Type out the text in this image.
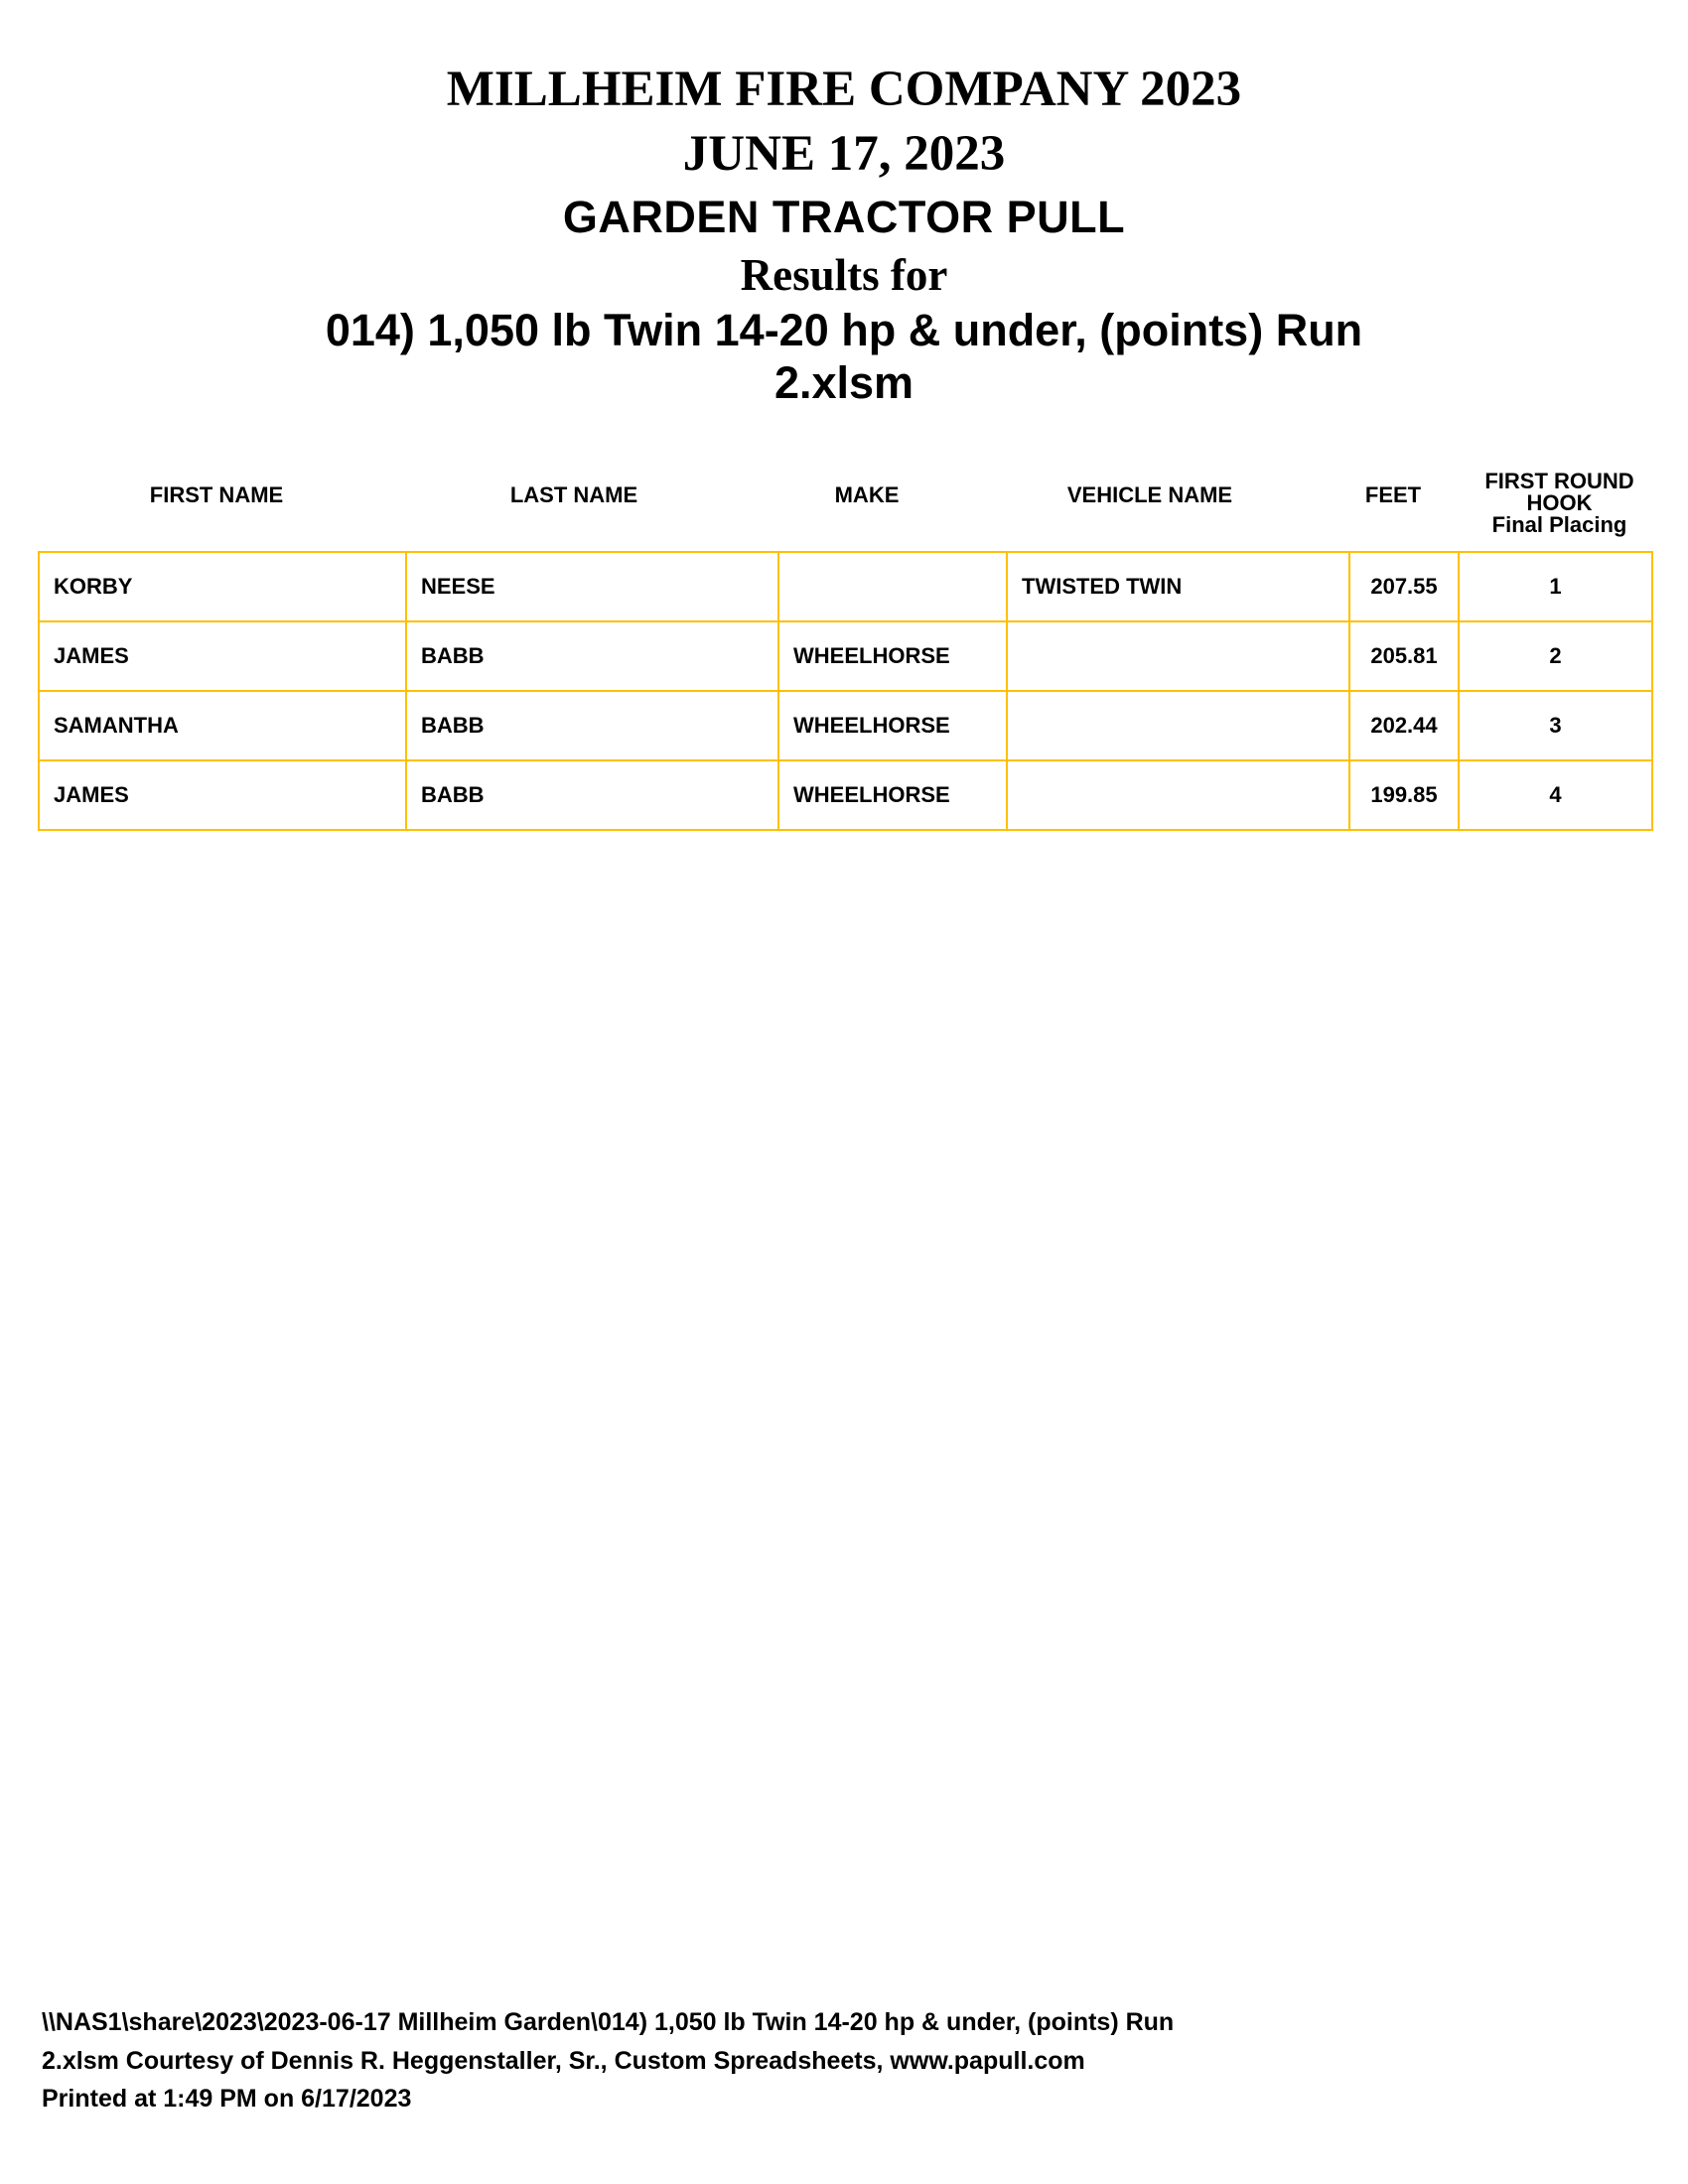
MILLHEIM FIRE COMPANY 2023
JUNE 17, 2023
GARDEN TRACTOR PULL
Results for
014) 1,050 lb Twin 14-20 hp & under, (points) Run
2.xlsm
FIRST NAME	LAST NAME	MAKE	VEHICLE NAME	FEET
FIRST ROUND
HOOK
Final Placing
KORBY	NEESE		TWISTED TWIN	207.55	1
JAMES	BABB	WHEELHORSE		205.81	2
SAMANTHA	BABB	WHEELHORSE		202.44	3
JAMES	BABB	WHEELHORSE		199.85	4
\\NAS1\share\2023\2023-06-17 Millheim Garden\014) 1,050 lb Twin 14-20 hp & under, (points) Run
2.xlsm Courtesy of Dennis R. Heggenstaller, Sr., Custom Spreadsheets, www.papull.com
Printed at 1:49 PM on 6/17/2023
